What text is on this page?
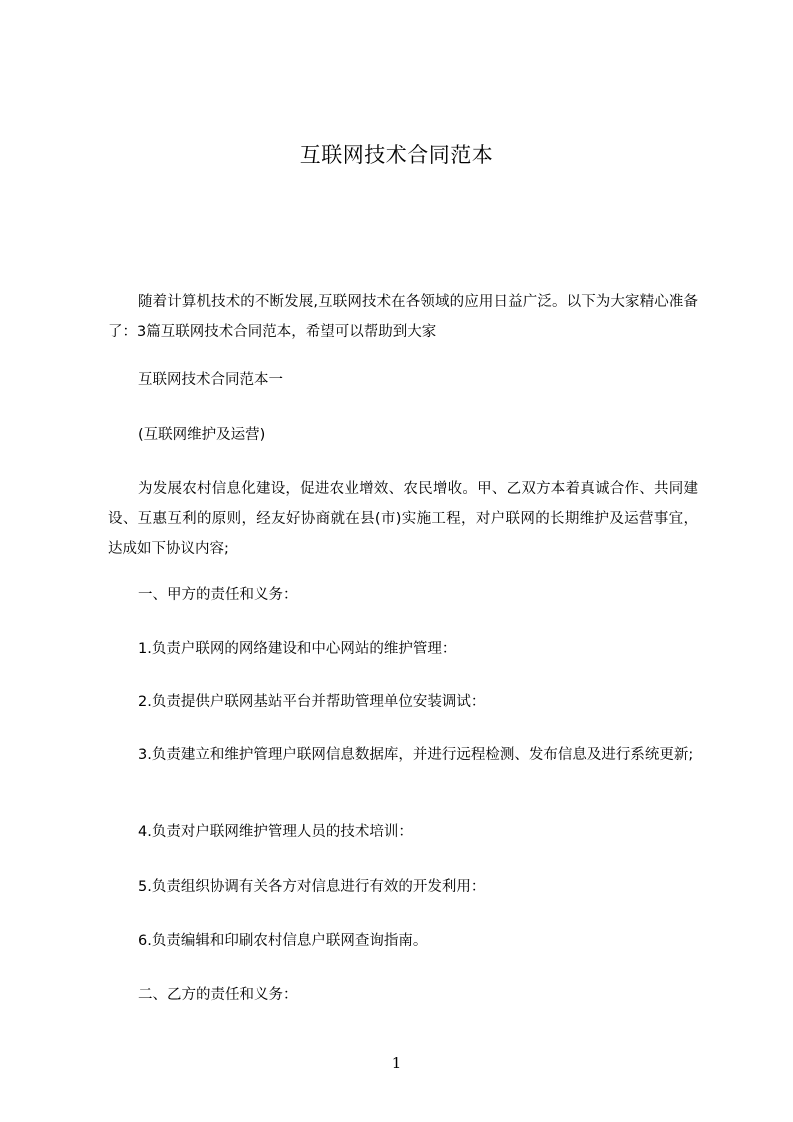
互联网技术合同范本
随着计算机技术的不断发展,互联网技术在各领域的应用日益广泛。以下为大家精心准备了：3篇互联网技术合同范本，希望可以帮助到大家
互联网技术合同范本一
(互联网维护及运营)
为发展农村信息化建设，促进农业增效、农民增收。甲、乙双方本着真诚合作、共同建设、互惠互利的原则，经友好协商就在县(市)实施工程，对户联网的长期维护及运营事宜，达成如下协议内容;
一、甲方的责任和义务：
1.负责户联网的网络建设和中心网站的维护管理：
2.负责提供户联网基站平台并帮助管理单位安装调试：
3.负责建立和维护管理户联网信息数据库，并进行远程检测、发布信息及进行系统更新;
4.负责对户联网维护管理人员的技术培训：
5.负责组织协调有关各方对信息进行有效的开发利用：
6.负责编辑和印刷农村信息户联网查询指南。
二、乙方的责任和义务：
1
